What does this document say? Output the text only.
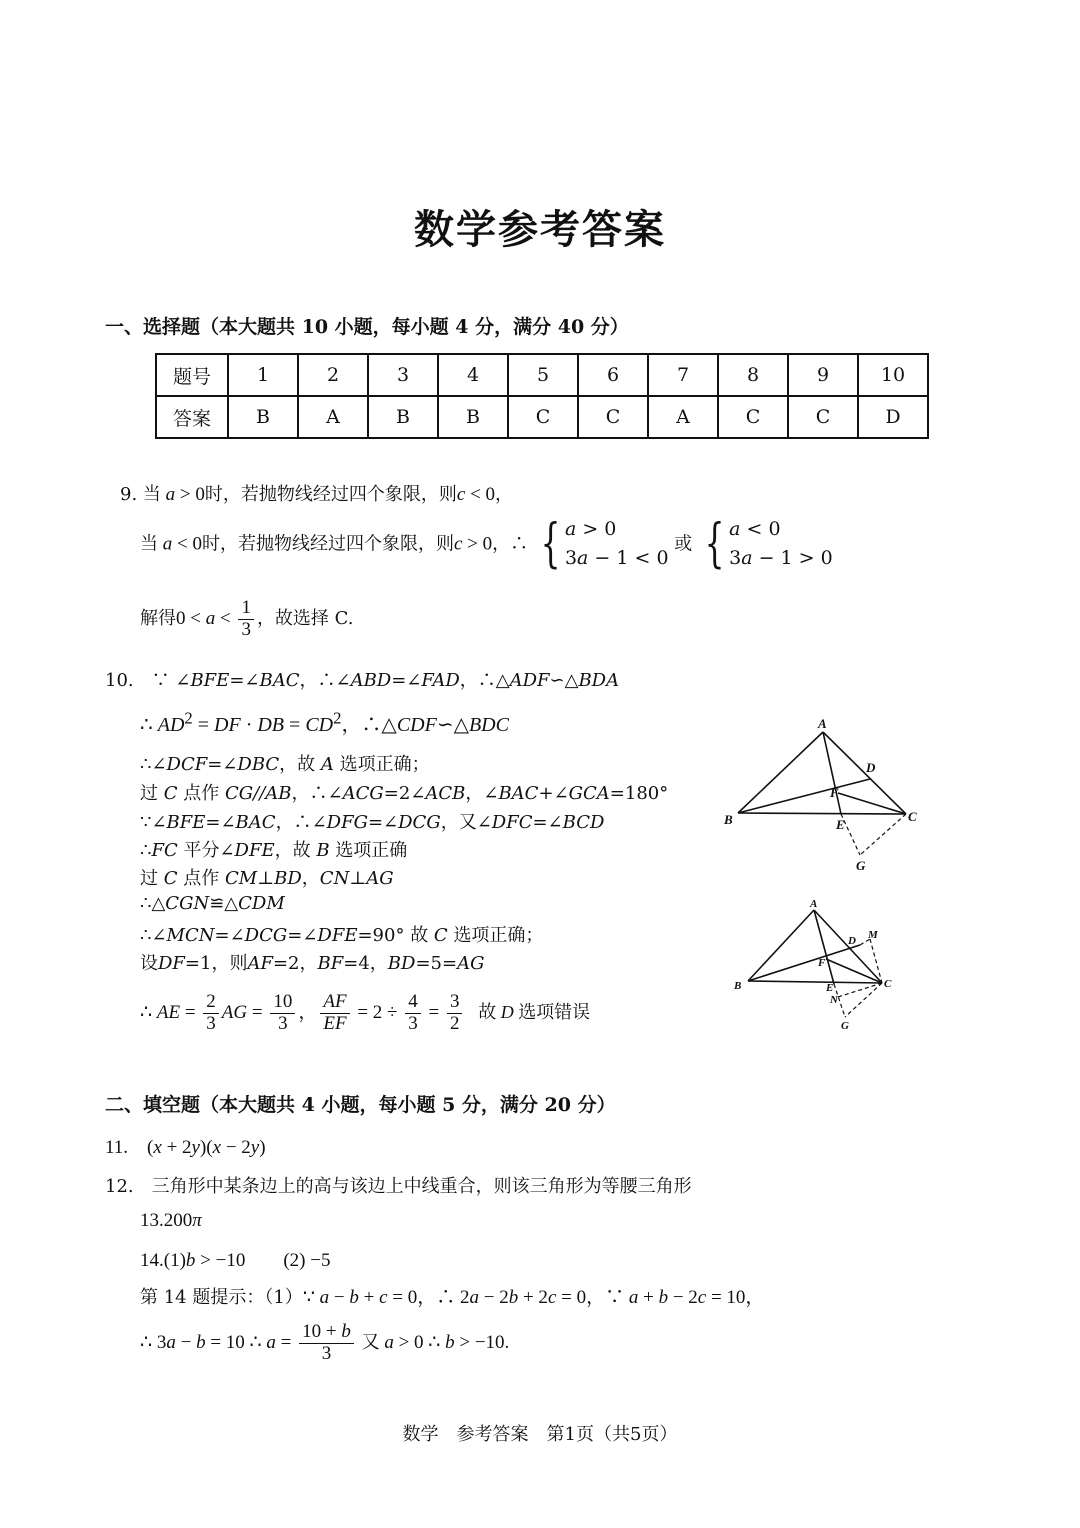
数学参考答案
一、选择题（本大题共 10 小题，每小题 4 分，满分 40 分）
题号	1	2	3	4	5	6	7	8	9	10
答案	B	A	B	B	C	C	A	C	C	D
9. 当 a > 0时，若抛物线经过四个象限，则c < 0，
当 a < 0时，若抛物线经过四个象限，则c > 0，∴ { a > 0
3a − 1 < 0
或 { a < 0
3a − 1 > 0
解得$0 < a < \frac{1}{3}$ ，故选择 C.
10.　∵ ∠BFE=∠BAC，∴∠ABD=∠FAD，∴△ADF∽△BDA
∴ $AD^2$ = DF · DB = $CD^2$，∴△CDF∽△BDC
∴∠DCF=∠DBC，故 A 选项正确；
过 C 点作 CG//AB，∴∠ACG=2∠ACB，∠BAC+∠GCA=180°
∵∠BFE=∠BAC，∴∠DFG=∠DCG，又∠DFC=∠BCD
∴FC 平分∠DFE，故 B 选项正确
过 C 点作 CM⊥BD，CN⊥AG
∴△CGN≌△CDM
∴∠MCN=∠DCG=∠DFE=90° 故 C 选项正确；
设DF=1，则AF=2，BF=4，BD=5=AG
∴ AE = $\frac{2}{3}$ AG = $\frac{10}{3}$ ， $\frac{AF}{EF} = 2 \div \frac{4}{3} = \frac{3}{2}$ 故 D 选项错误
A
B	C
D
E
F
G
A
B	C
D
E
F
G
M
N
二、填空题（本大题共 4 小题，每小题 5 分，满分 20 分）
11.　(x + 2y)(x − 2y)
12.　 三角形中某条边上的高与该边上中线重合，则该三角形为等腰三角形
13.200π
14.(1)b > −10　　(2) −5
第 14 题提示：（1）∵ a − b + c = 0，∴ 2a − 2b + 2c = 0，∵ a + b − 2c = 10，
∴ 3a − b = 10 ∴ $a = \frac{10 + b}{3}$ 又 a > 0 ∴ b > −10.
数学　参考答案　第1页（共5页）
